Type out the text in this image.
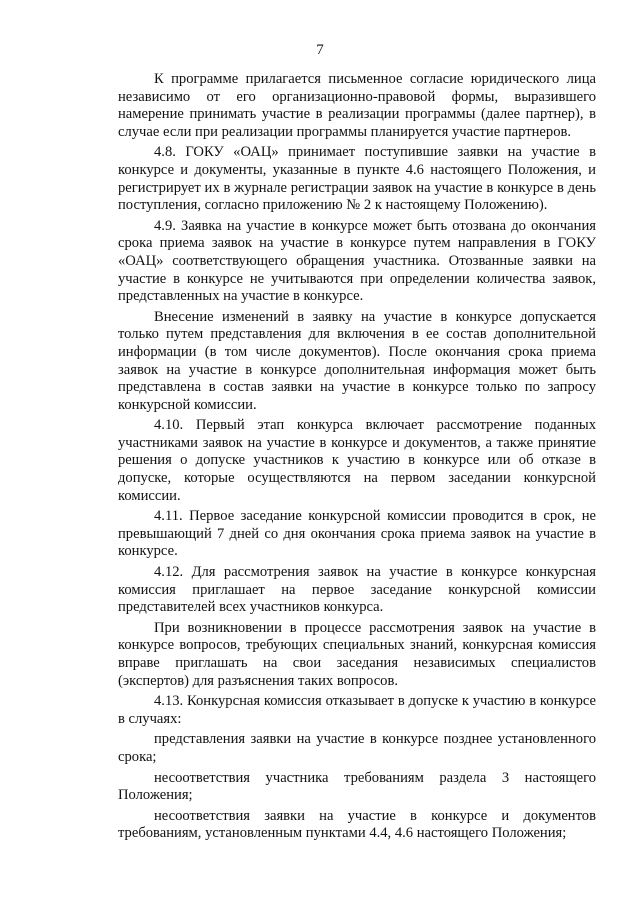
7

К программе прилагается письменное согласие юридического лица независимо от его организационно-правовой формы, выразившего намерение принимать участие в реализации программы (далее партнер), в случае если при реализации программы планируется участие партнеров.

4.8. ГОКУ «ОАЦ» принимает поступившие заявки на участие в конкурсе и документы, указанные в пункте 4.6 настоящего Положения, и регистрирует их в журнале регистрации заявок на участие в конкурсе в день поступления, согласно приложению № 2 к настоящему Положению).

4.9. Заявка на участие в конкурсе может быть отозвана до окончания срока приема заявок на участие в конкурсе путем направления в ГОКУ «ОАЦ» соответствующего обращения участника. Отозванные заявки на участие в конкурсе не учитываются при определении количества заявок, представленных на участие в конкурсе.

Внесение изменений в заявку на участие в конкурсе допускается только путем представления для включения в ее состав дополнительной информации (в том числе документов). После окончания срока приема заявок на участие в конкурсе дополнительная информация может быть представлена в состав заявки на участие в конкурсе только по запросу конкурсной комиссии.

4.10. Первый этап конкурса включает рассмотрение поданных участниками заявок на участие в конкурсе и документов, а также принятие решения о допуске участников к участию в конкурсе или об отказе в допуске, которые осуществляются на первом заседании конкурсной комиссии.

4.11. Первое заседание конкурсной комиссии проводится в срок, не превышающий 7 дней со дня окончания срока приема заявок на участие в конкурсе.

4.12. Для рассмотрения заявок на участие в конкурсе конкурсная комиссия приглашает на первое заседание конкурсной комиссии представителей всех участников конкурса.

При возникновении в процессе рассмотрения заявок на участие в конкурсе вопросов, требующих специальных знаний, конкурсная комиссия вправе приглашать на свои заседания независимых специалистов (экспертов) для разъяснения таких вопросов.

4.13. Конкурсная комиссия отказывает в допуске к участию в конкурсе в случаях:

представления заявки на участие в конкурсе позднее установленного срока;

несоответствия участника требованиям раздела 3 настоящего Положения;

несоответствия заявки на участие в конкурсе и документов требованиям, установленным пунктами 4.4, 4.6 настоящего Положения;
